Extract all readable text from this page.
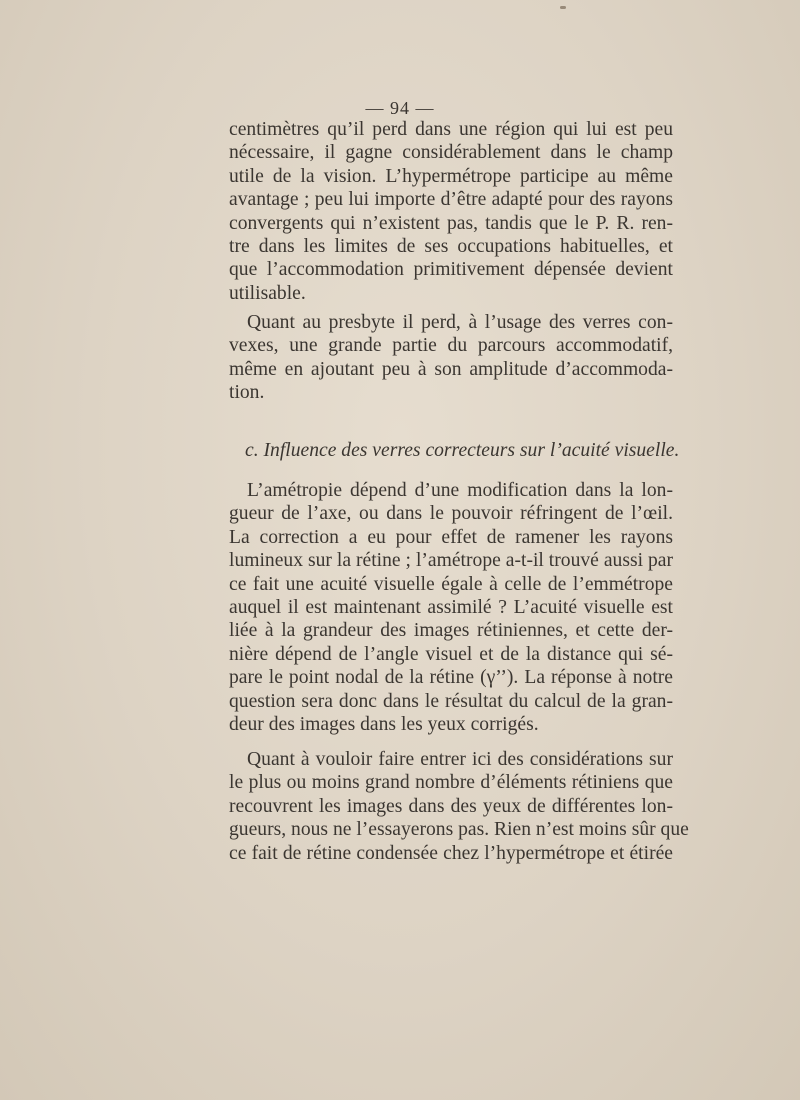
— 94 —
centimètres qu’il perd dans une région qui lui est peu
nécessaire, il gagne considérablement dans le champ
utile de la vision. L’hypermétrope participe au même
avantage ; peu lui importe d’être adapté pour des rayons
convergents qui n’existent pas, tandis que le P. R. ren-
tre dans les limites de ses occupations habituelles, et
que l’accommodation primitivement dépensée devient
utilisable.
Quant au presbyte il perd, à l’usage des verres con-
vexes, une grande partie du parcours accommodatif,
même en ajoutant peu à son amplitude d’accommoda-
tion.
c. Influence des verres correcteurs sur l’acuité visuelle.
L’amétropie dépend d’une modification dans la lon-
gueur de l’axe, ou dans le pouvoir réfringent de l’œil.
La correction a eu pour effet de ramener les rayons
lumineux sur la rétine ; l’amétrope a-t-il trouvé aussi par
ce fait une acuité visuelle égale à celle de l’emmétrope
auquel il est maintenant assimilé ? L’acuité visuelle est
liée à la grandeur des images rétiniennes, et cette der-
nière dépend de l’angle visuel et de la distance qui sé-
pare le point nodal de la rétine (γ’’). La réponse à notre
question sera donc dans le résultat du calcul de la gran-
deur des images dans les yeux corrigés.
Quant à vouloir faire entrer ici des considérations sur
le plus ou moins grand nombre d’éléments rétiniens que
recouvrent les images dans des yeux de différentes lon-
gueurs, nous ne l’essayerons pas. Rien n’est moins sûr que
ce fait de rétine condensée chez l’hypermétrope et étirée
